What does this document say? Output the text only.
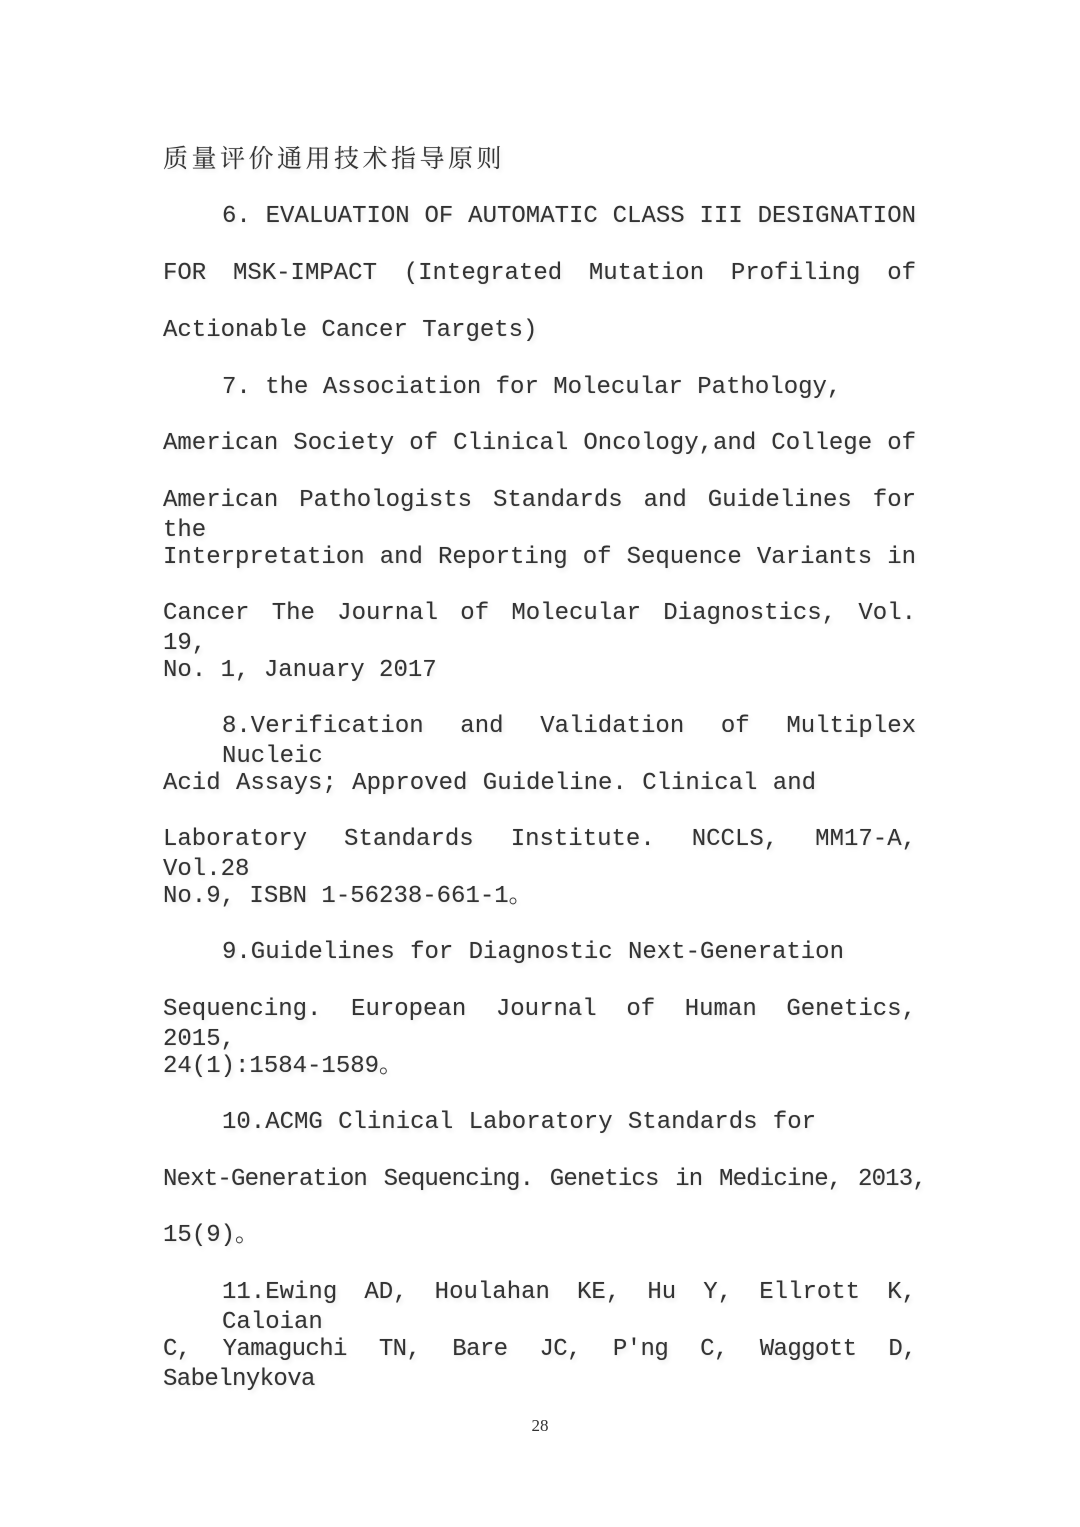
质量评价通用技术指导原则
6. EVALUATION OF AUTOMATIC CLASS III DESIGNATION
FOR MSK-IMPACT (Integrated Mutation Profiling of
Actionable Cancer Targets)
7. the Association for Molecular Pathology,
American Society of Clinical Oncology,and College of
American Pathologists Standards and Guidelines for the
Interpretation and Reporting of Sequence Variants in
Cancer The Journal of Molecular Diagnostics, Vol. 19,
No. 1, January 2017
8.Verification and Validation of Multiplex Nucleic
Acid Assays; Approved Guideline. Clinical and
Laboratory Standards Institute. NCCLS, MM17-A, Vol.28
No.9, ISBN 1-56238-661-1。
9.Guidelines for Diagnostic Next-Generation
Sequencing. European Journal of Human Genetics, 2015,
24(1):1584-1589。
10.ACMG Clinical Laboratory Standards for
Next-Generation Sequencing. Genetics in Medicine, 2013,
15(9)。
11.Ewing AD, Houlahan KE, Hu Y, Ellrott K, Caloian
C, Yamaguchi TN, Bare JC, P'ng C, Waggott D, Sabelnykova
28
